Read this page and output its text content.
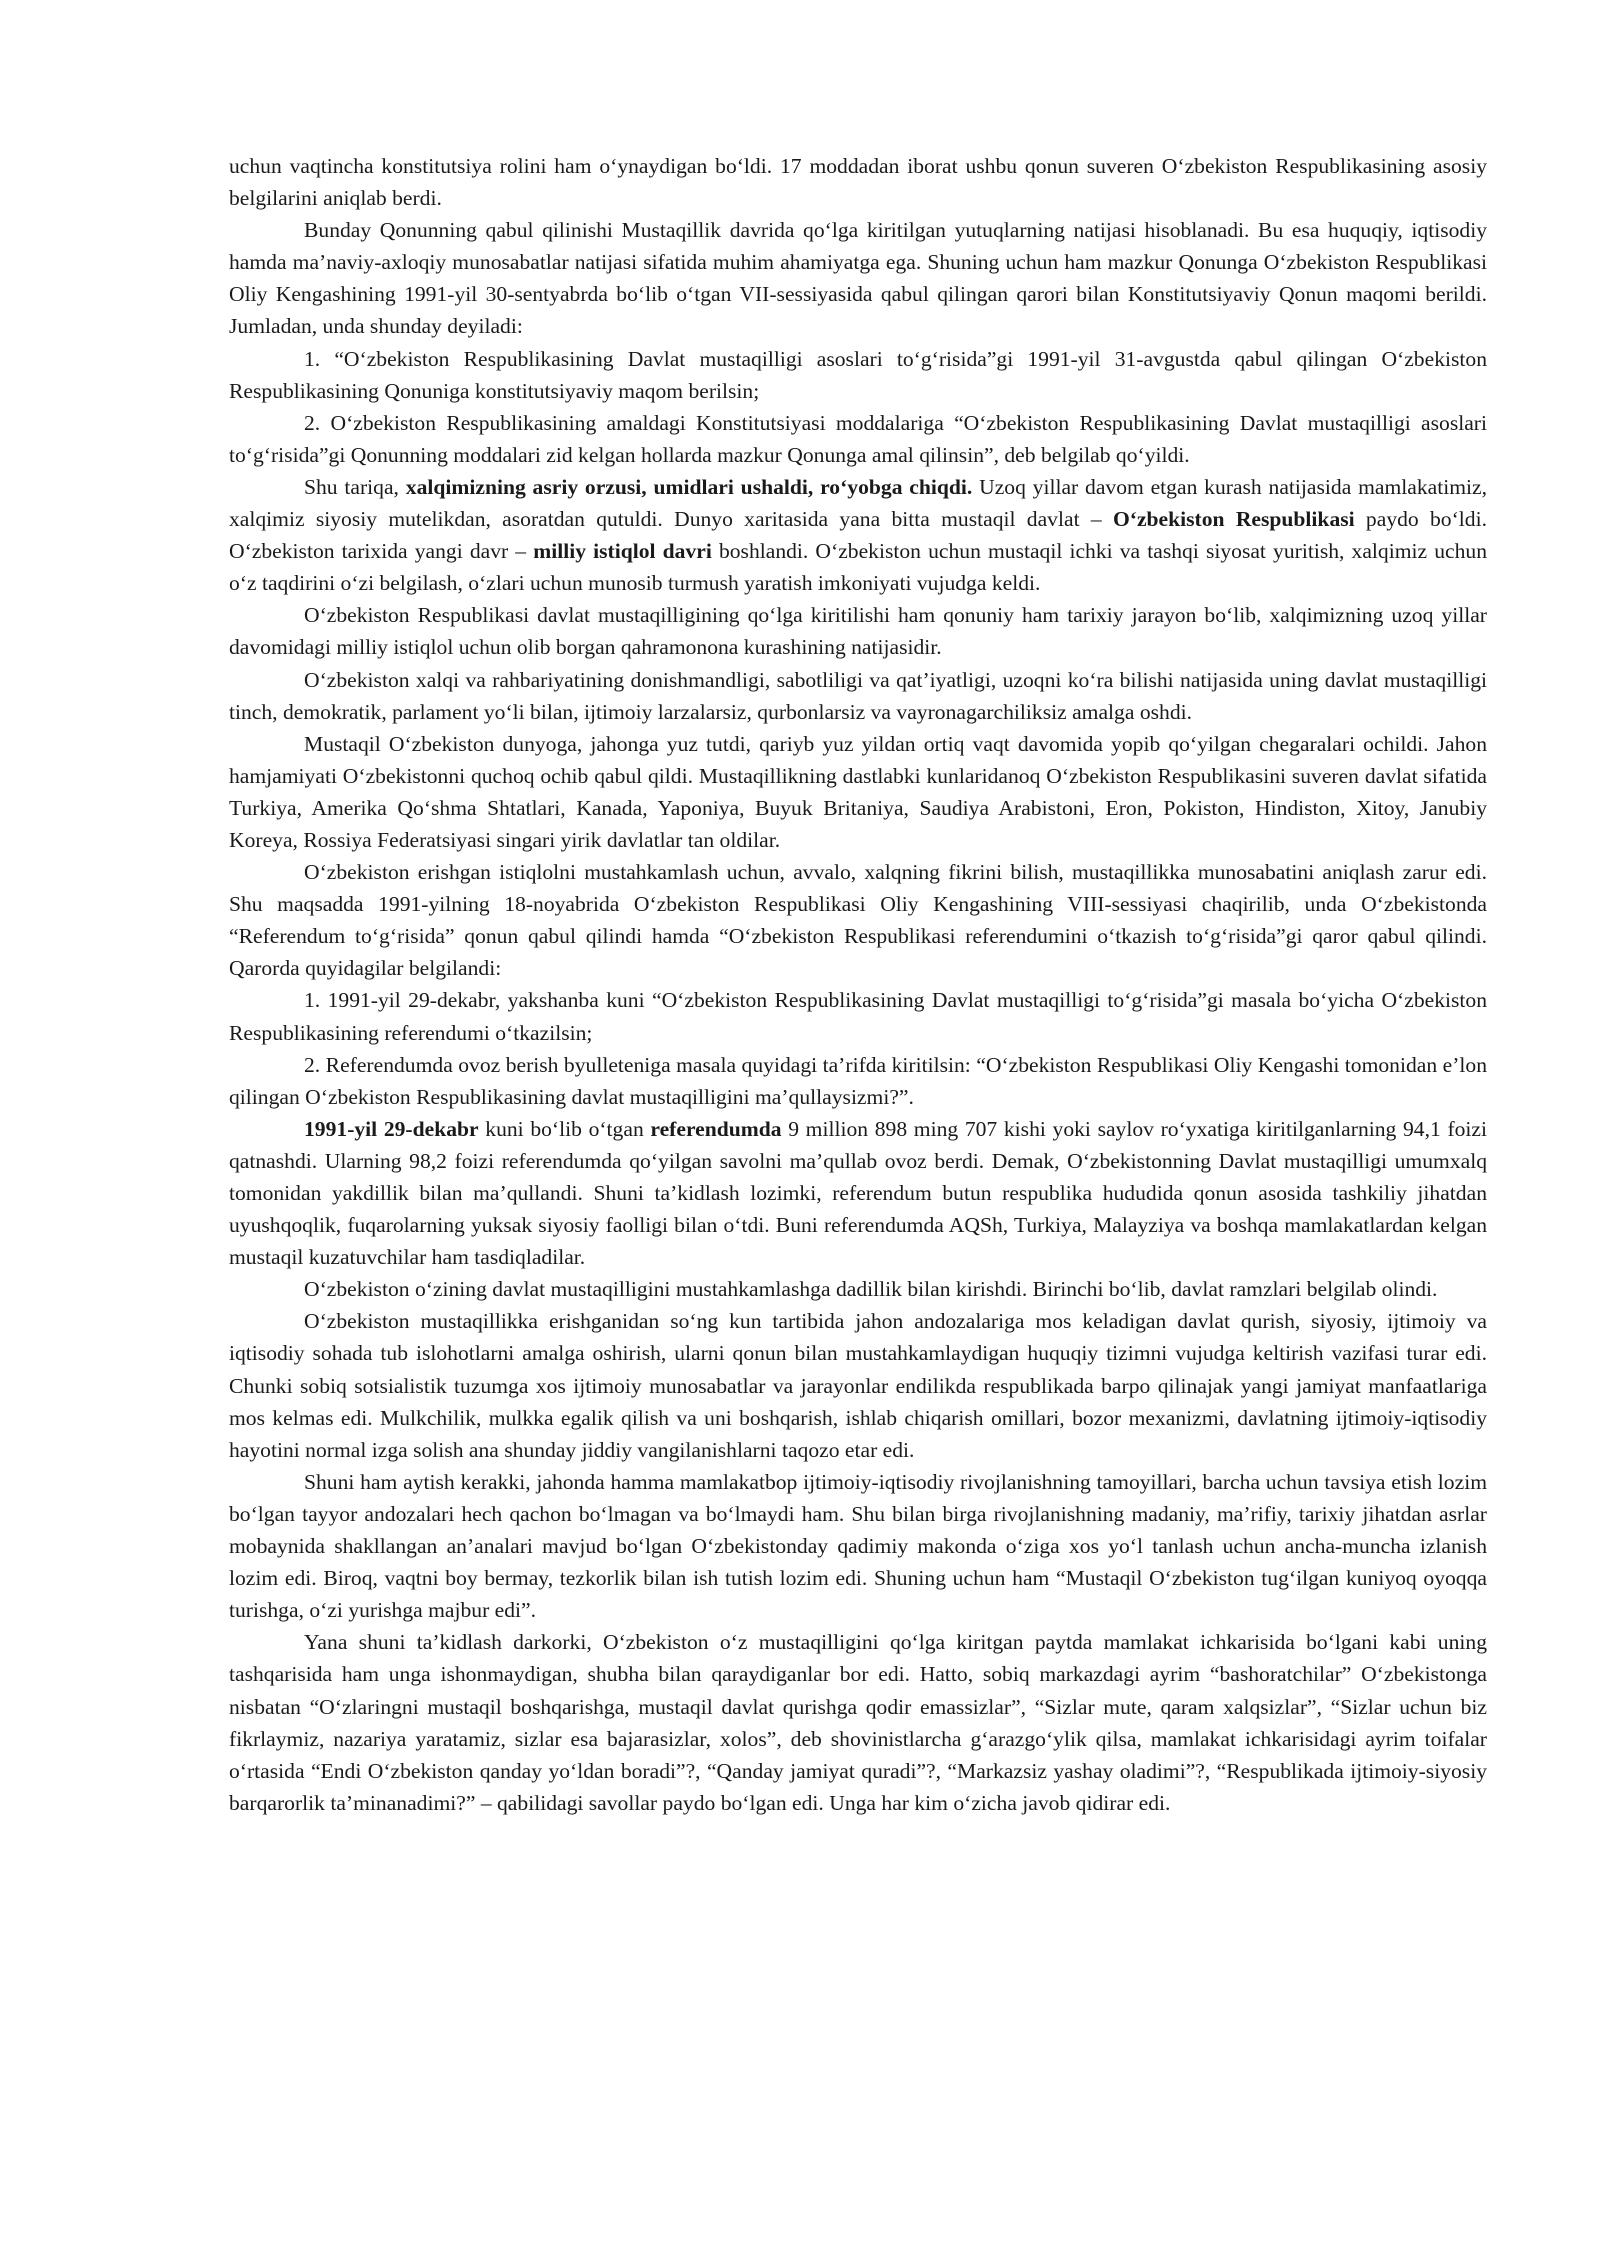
uchun vaqtincha konstitutsiya rolini ham o‘ynaydigan bo‘ldi. 17 moddadan iborat ushbu qonun suveren O‘zbekiston Respublikasining asosiy belgilarini aniqlab berdi.

Bunday Qonunning qabul qilinishi Mustaqillik davrida qo‘lga kiritilgan yutuqlarning natijasi hisoblanadi. Bu esa huquqiy, iqtisodiy hamda ma’naviy-axloqiy munosabatlar natijasi sifatida muhim ahamiyatga ega. Shuning uchun ham mazkur Qonunga O‘zbekiston Respublikasi Oliy Kengashining 1991-yil 30-sentyabrda bo‘lib o‘tgan VII-sessiyasida qabul qilingan qarori bilan Konstitutsiyaviy Qonun maqomi berildi. Jumladan, unda shunday deyiladi:

1. “O‘zbekiston Respublikasining Davlat mustaqilligi asoslari to‘g‘risida”gi 1991-yil 31-avgustda qabul qilingan O‘zbekiston Respublikasining Qonuniga konstitutsiyaviy maqom berilsin;

2. O‘zbekiston Respublikasining amaldagi Konstitutsiyasi moddalariga “O‘zbekiston Respublikasining Davlat mustaqilligi asoslari to‘g‘risida”gi Qonunning moddalari zid kelgan hollarda mazkur Qonunga amal qilinsin”, deb belgilab qo‘yildi.

Shu tariqa, xalqimizning asriy orzusi, umidlari ushaldi, ro‘yobga chiqdi. Uzoq yillar davom etgan kurash natijasida mamlakatimiz, xalqimiz siyosiy mutelikdan, asoratdan qutuldi. Dunyo xaritasida yana bitta mustaqil davlat – O‘zbekiston Respublikasi paydo bo‘ldi. O‘zbekiston tarixida yangi davr – milliy istiqlol davri boshlandi. O‘zbekiston uchun mustaqil ichki va tashqi siyosat yuritish, xalqimiz uchun o‘z taqdirini o‘zi belgilash, o‘zlari uchun munosib turmush yaratish imkoniyati vujudga keldi.

O‘zbekiston Respublikasi davlat mustaqilligining qo‘lga kiritilishi ham qonuniy ham tarixiy jarayon bo‘lib, xalqimizning uzoq yillar davomidagi milliy istiqlol uchun olib borgan qahramonona kurashining natijasidir.

O‘zbekiston xalqi va rahbariyatining donishmandligi, sabotliligi va qat’iyatligi, uzoqni ko‘ra bilishi natijasida uning davlat mustaqilligi tinch, demokratik, parlament yo‘li bilan, ijtimoiy larzalarsiz, qurbonlarsiz va vayronagarchiliksiz amalga oshdi.

Mustaqil O‘zbekiston dunyoga, jahonga yuz tutdi, qariyb yuz yildan ortiq vaqt davomida yopib qo‘yilgan chegaralari ochildi. Jahon hamjamiyati O‘zbekistonni quchoq ochib qabul qildi. Mustaqillikning dastlabki kunlaridanoq O‘zbekiston Respublikasini suveren davlat sifatida Turkiya, Amerika Qo‘shma Shtatlari, Kanada, Yaponiya, Buyuk Britaniya, Saudiya Arabistoni, Eron, Pokiston, Hindiston, Xitoy, Janubiy Koreya, Rossiya Federatsiyasi singari yirik davlatlar tan oldilar.

O‘zbekiston erishgan istiqlolni mustahkamlash uchun, avvalo, xalqning fikrini bilish, mustaqillikka munosabatini aniqlash zarur edi. Shu maqsadda 1991-yilning 18-noyabrida O‘zbekiston Respublikasi Oliy Kengashining VIII-sessiyasi chaqirilib, unda O‘zbekistonda “Referendum to‘g‘risida” qonun qabul qilindi hamda “O‘zbekiston Respublikasi referendumini o‘tkazish to‘g‘risida”gi qaror qabul qilindi. Qarorda quyidagilar belgilandi:

1. 1991-yil 29-dekabr, yakshanba kuni “O‘zbekiston Respublikasining Davlat mustaqilligi to‘g‘risida”gi masala bo‘yicha O‘zbekiston Respublikasining referendumi o‘tkazilsin;

2. Referendumda ovoz berish byulleteniga masala quyidagi ta’rifda kiritilsin: “O‘zbekiston Respublikasi Oliy Kengashi tomonidan e’lon qilingan O‘zbekiston Respublikasining davlat mustaqilligini ma’qullaysizmi?”.

1991-yil 29-dekabr kuni bo‘lib o‘tgan referendumda 9 million 898 ming 707 kishi yoki saylov ro‘yxatiga kiritilganlarning 94,1 foizi qatnashdi. Ularning 98,2 foizi referendumda qo‘yilgan savolni ma’qullab ovoz berdi. Demak, O‘zbekistonning Davlat mustaqilligi umumxalq tomonidan yakdillik bilan ma’qullandi. Shuni ta’kidlash lozimki, referendum butun respublika hududida qonun asosida tashkiliy jihatdan uyushqoqlik, fuqarolarning yuksak siyosiy faolligi bilan o‘tdi. Buni referendumda AQSh, Turkiya, Malayziya va boshqa mamlakatlardan kelgan mustaqil kuzatuvchilar ham tasdiqladilar.

O‘zbekiston o‘zining davlat mustaqilligini mustahkamlashga dadillik bilan kirishdi. Birinchi bo‘lib, davlat ramzlari belgilab olindi.

O‘zbekiston mustaqillikka erishganidan so‘ng kun tartibida jahon andozalariga mos keladigan davlat qurish, siyosiy, ijtimoiy va iqtisodiy sohada tub islohotlarni amalga oshirish, ularni qonun bilan mustahkamlaydigan huquqiy tizimni vujudga keltirish vazifasi turar edi. Chunki sobiq sotsialistik tuzumga xos ijtimoiy munosabatlar va jarayonlar endilikda respublikada barpo qilinajak yangi jamiyat manfaatlariga mos kelmas edi. Mulkchilik, mulkka egalik qilish va uni boshqarish, ishlab chiqarish omillari, bozor mexanizmi, davlatning ijtimoiy-iqtisodiy hayotini normal izga solish ana shunday jiddiy vangilanishlarni taqozo etar edi.

Shuni ham aytish kerakki, jahonda hamma mamlakatbop ijtimoiy-iqtisodiy rivojlanishning tamoyillari, barcha uchun tavsiya etish lozim bo‘lgan tayyor andozalari hech qachon bo‘lmagan va bo‘lmaydi ham. Shu bilan birga rivojlanishning madaniy, ma’rifiy, tarixiy jihatdan asrlar mobaynida shakllangan an’analari mavjud bo‘lgan O‘zbekistonday qadimiy makonda o‘ziga xos yo‘l tanlash uchun ancha-muncha izlanish lozim edi. Biroq, vaqtni boy bermay, tezkorlik bilan ish tutish lozim edi. Shuning uchun ham “Mustaqil O‘zbekiston tug‘ilgan kuniyoq oyoqqa turishga, o‘zi yurishga majbur edi”.

Yana shuni ta’kidlash darkorki, O‘zbekiston o‘z mustaqilligini qo‘lga kiritgan paytda mamlakat ichkarisida bo‘lgani kabi uning tashqarisida ham unga ishonmaydigan, shubha bilan qaraydiganlar bor edi. Hatto, sobiq markazdagi ayrim “bashoratchilar” O‘zbekistonga nisbatan “O‘zlaringni mustaqil boshqarishga, mustaqil davlat qurishga qodir emassizlar”, “Sizlar mute, qaram xalqsizlar”, “Sizlar uchun biz fikrlaymiz, nazariya yaratamiz, sizlar esa bajarasizlar, xolos”, deb shovinistlarcha g‘arazgo‘ylik qilsa, mamlakat ichkarisidagi ayrim toifalar o‘rtasida “Endi O‘zbekiston qanday yo‘ldan boradi”?, “Qanday jamiyat quradi”?, “Markazsiz yashay oladimi”?, “Respublikada ijtimoiy-siyosiy barqarorlik ta’minanadimi?” – qabilidagi savollar paydo bo‘lgan edi. Unga har kim o‘zicha javob qidirar edi.
